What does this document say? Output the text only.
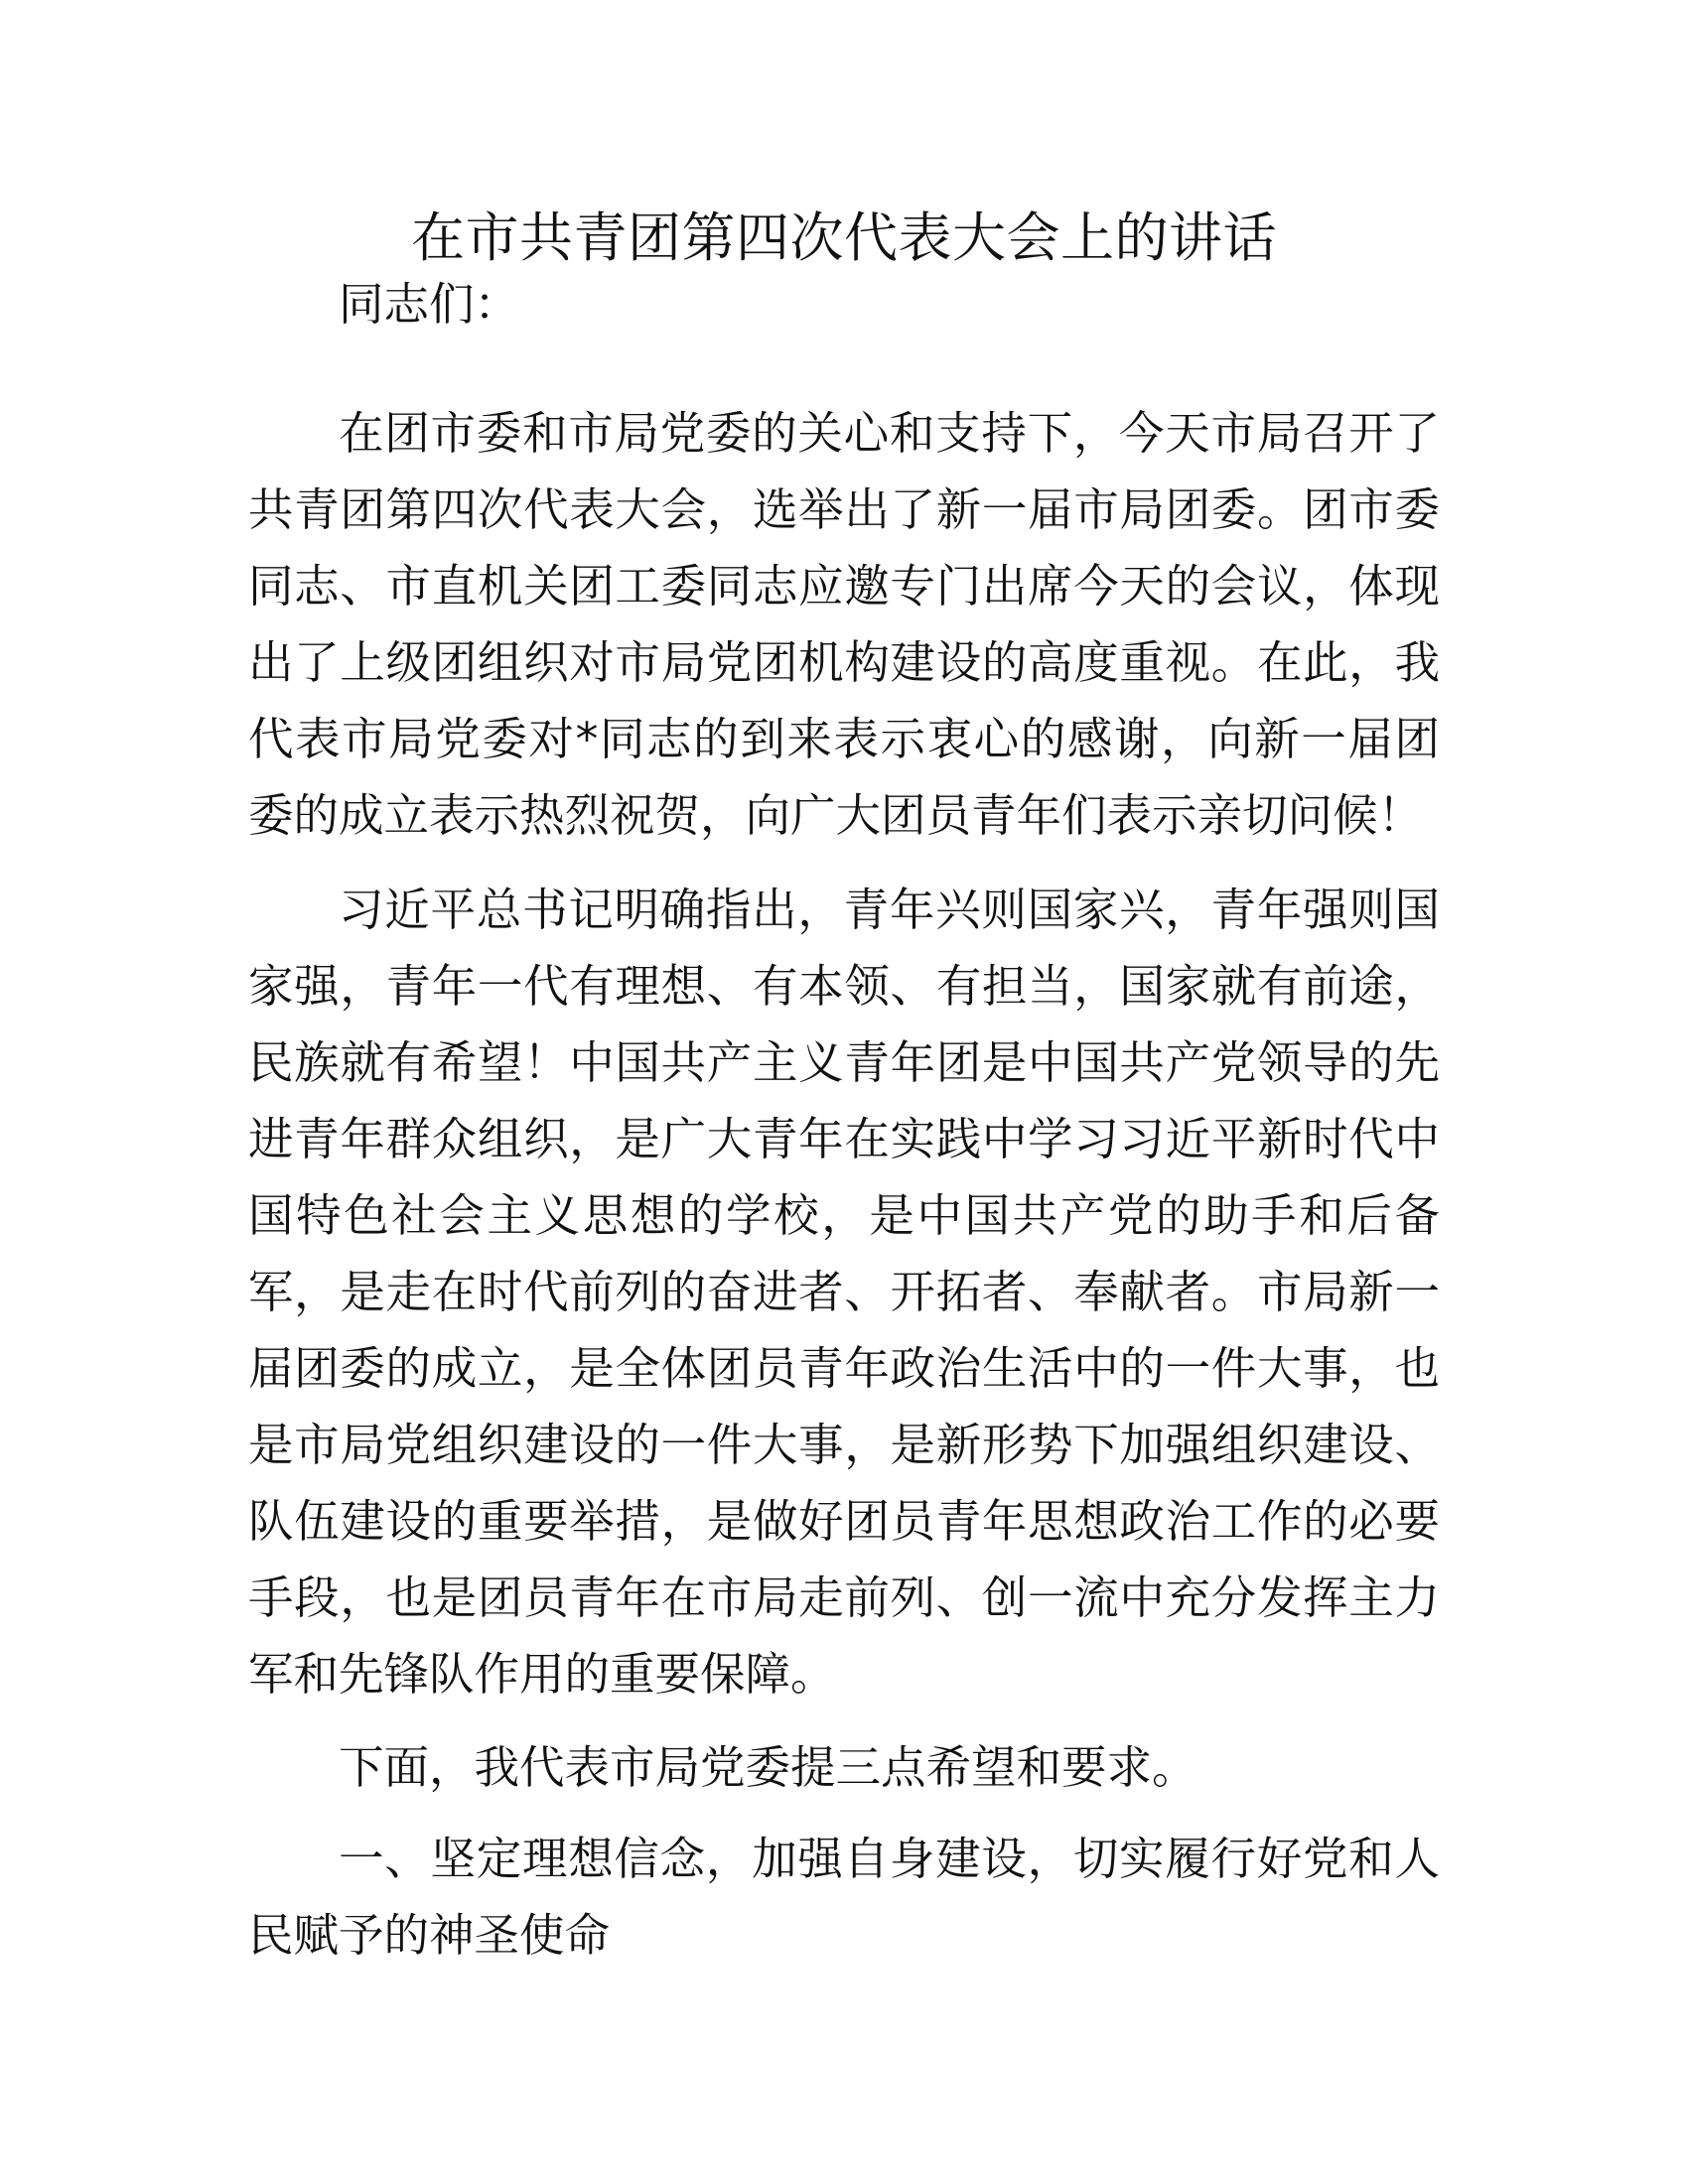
在市共青团第四次代表大会上的讲话

同志们：

在团市委和市局党委的关心和支持下，今天市局召开了共青团第四次代表大会，选举出了新一届市局团委。团市委同志、市直机关团工委同志应邀专门出席今天的会议，体现出了上级团组织对市局党团机构建设的高度重视。在此，我代表市局党委对*同志的到来表示衷心的感谢，向新一届团委的成立表示热烈祝贺，向广大团员青年们表示亲切问候！

习近平总书记明确指出，青年兴则国家兴，青年强则国家强，青年一代有理想、有本领、有担当，国家就有前途，民族就有希望！中国共产主义青年团是中国共产党领导的先进青年群众组织，是广大青年在实践中学习习近平新时代中国特色社会主义思想的学校，是中国共产党的助手和后备军，是走在时代前列的奋进者、开拓者、奉献者。市局新一届团委的成立，是全体团员青年政治生活中的一件大事，也是市局党组织建设的一件大事，是新形势下加强组织建设、队伍建设的重要举措，是做好团员青年思想政治工作的必要手段，也是团员青年在市局走前列、创一流中充分发挥主力军和先锋队作用的重要保障。

下面，我代表市局党委提三点希望和要求。

一、坚定理想信念，加强自身建设，切实履行好党和人民赋予的神圣使命
